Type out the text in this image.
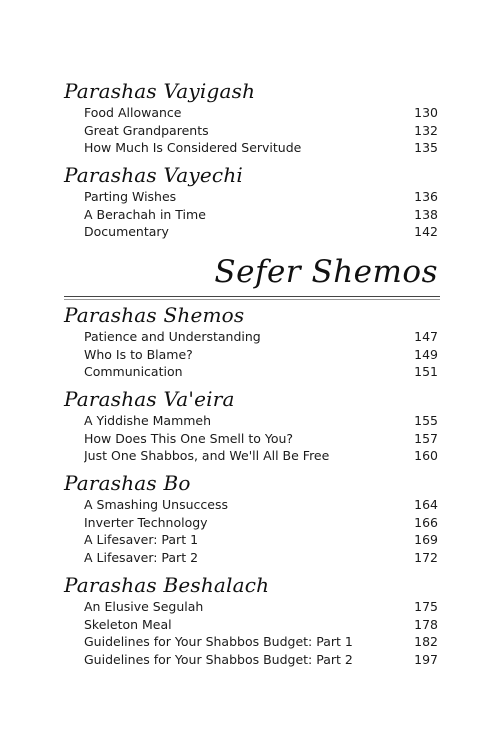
Parashas Vayigash
Food Allowance	130
Great Grandparents	132
How Much Is Considered Servitude	135
Parashas Vayechi
Parting Wishes	136
A Berachah in Time	138
Documentary	142
Sefer Shemos
Parashas Shemos
Patience and Understanding	147
Who Is to Blame?	149
Communication	151
Parashas Va'eira
A Yiddishe Mammeh	155
How Does This One Smell to You?	157
Just One Shabbos, and We'll All Be Free	160
Parashas Bo
A Smashing Unsuccess	164
Inverter Technology	166
A Lifesaver: Part 1	169
A Lifesaver: Part 2	172
Parashas Beshalach
An Elusive Segulah	175
Skeleton Meal	178
Guidelines for Your Shabbos Budget: Part 1	182
Guidelines for Your Shabbos Budget: Part 2	197
